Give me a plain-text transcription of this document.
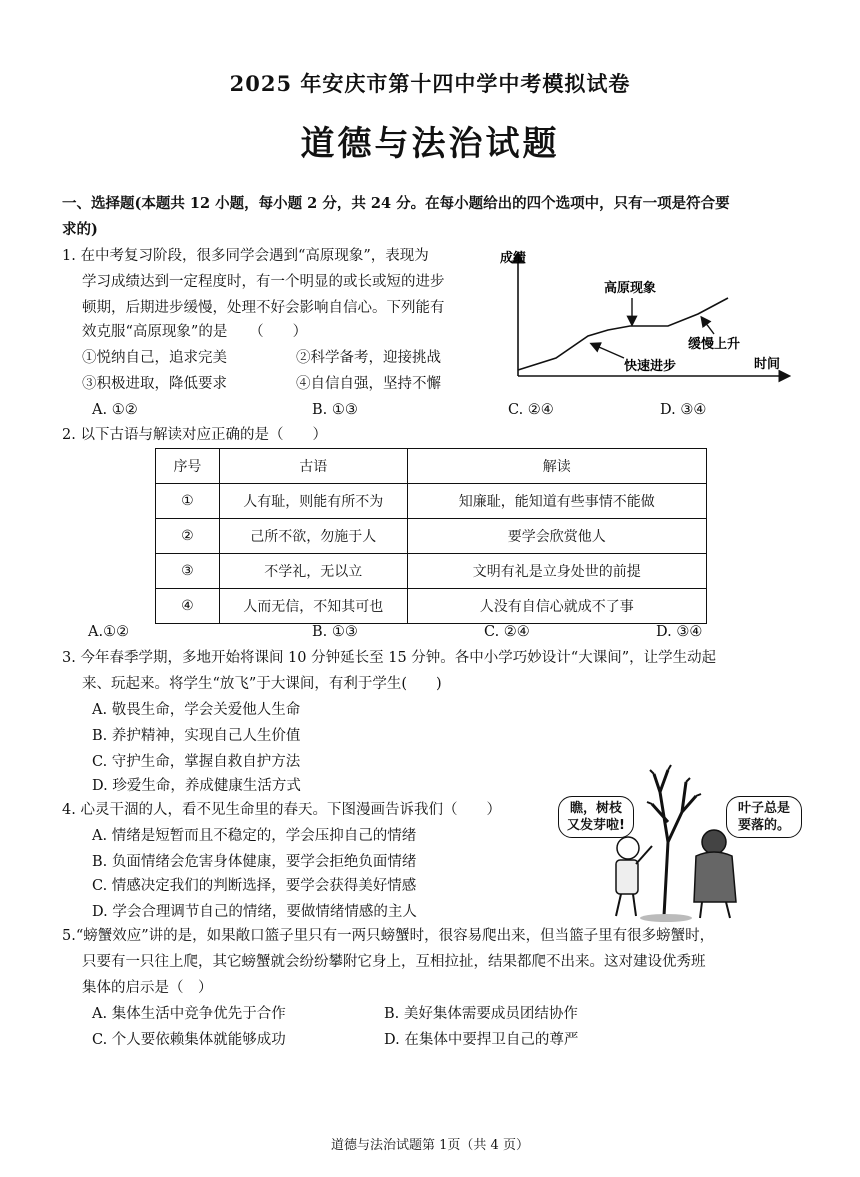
2025 年安庆市第十四中学中考模拟试卷
道德与法治试题
一、选择题(本题共 12 小题，每小题 2 分，共 24 分。在每小题给出的四个选项中，只有一项是符合要
求的)
1. 在中考复习阶段，很多同学会遇到“高原现象”，表现为
学习成绩达到一定程度时，有一个明显的或长或短的进步
顿期，后期进步缓慢，处理不好会影响自信心。下列能有
效克服“高原现象”的是　　（　　）
①悦纳自己，追求完美	②科学备考，迎接挑战
③积极进取，降低要求	④自信自强，坚持不懈
A. ①②	B. ①③	C. ②④	D. ③④
成绩
时间
高原现象
缓慢上升
快速进步
2. 以下古语与解读对应正确的是（　　）
序号	古语	解读
①	人有耻，则能有所不为	知廉耻，能知道有些事情不能做
②	己所不欲，勿施于人	要学会欣赏他人
③	不学礼，无以立	文明有礼是立身处世的前提
④	人而无信，不知其可也	人没有自信心就成不了事
A.①②	B. ①③	C. ②④	D. ③④
3. 今年春季学期，多地开始将课间 10 分钟延长至 15 分钟。各中小学巧妙设计“大课间”，让学生动起
来、玩起来。将学生“放飞”于大课间，有利于学生(　　)
A. 敬畏生命，学会关爱他人生命
B. 养护精神，实现自己人生价值
C. 守护生命，掌握自救自护方法
D. 珍爱生命，养成健康生活方式
4. 心灵干涸的人，看不见生命里的春天。下图漫画告诉我们（　　）
A. 情绪是短暂而且不稳定的，学会压抑自己的情绪
B. 负面情绪会危害身体健康，要学会拒绝负面情绪
C. 情感决定我们的判断选择，要学会获得美好情感
D. 学会合理调节自己的情绪，要做情绪情感的主人
瞧，树枝
又发芽啦!
叶子总是
要落的。
5.“螃蟹效应”讲的是，如果敞口篮子里只有一两只螃蟹时，很容易爬出来，但当篮子里有很多螃蟹时，
只要有一只往上爬，其它螃蟹就会纷纷攀附它身上，互相拉扯，结果都爬不出来。这对建设优秀班
集体的启示是（　）
A. 集体生活中竞争优先于合作	B. 美好集体需要成员团结协作
C. 个人要依赖集体就能够成功	D. 在集体中要捍卫自己的尊严
道德与法治试题第 1页（共 4 页）
